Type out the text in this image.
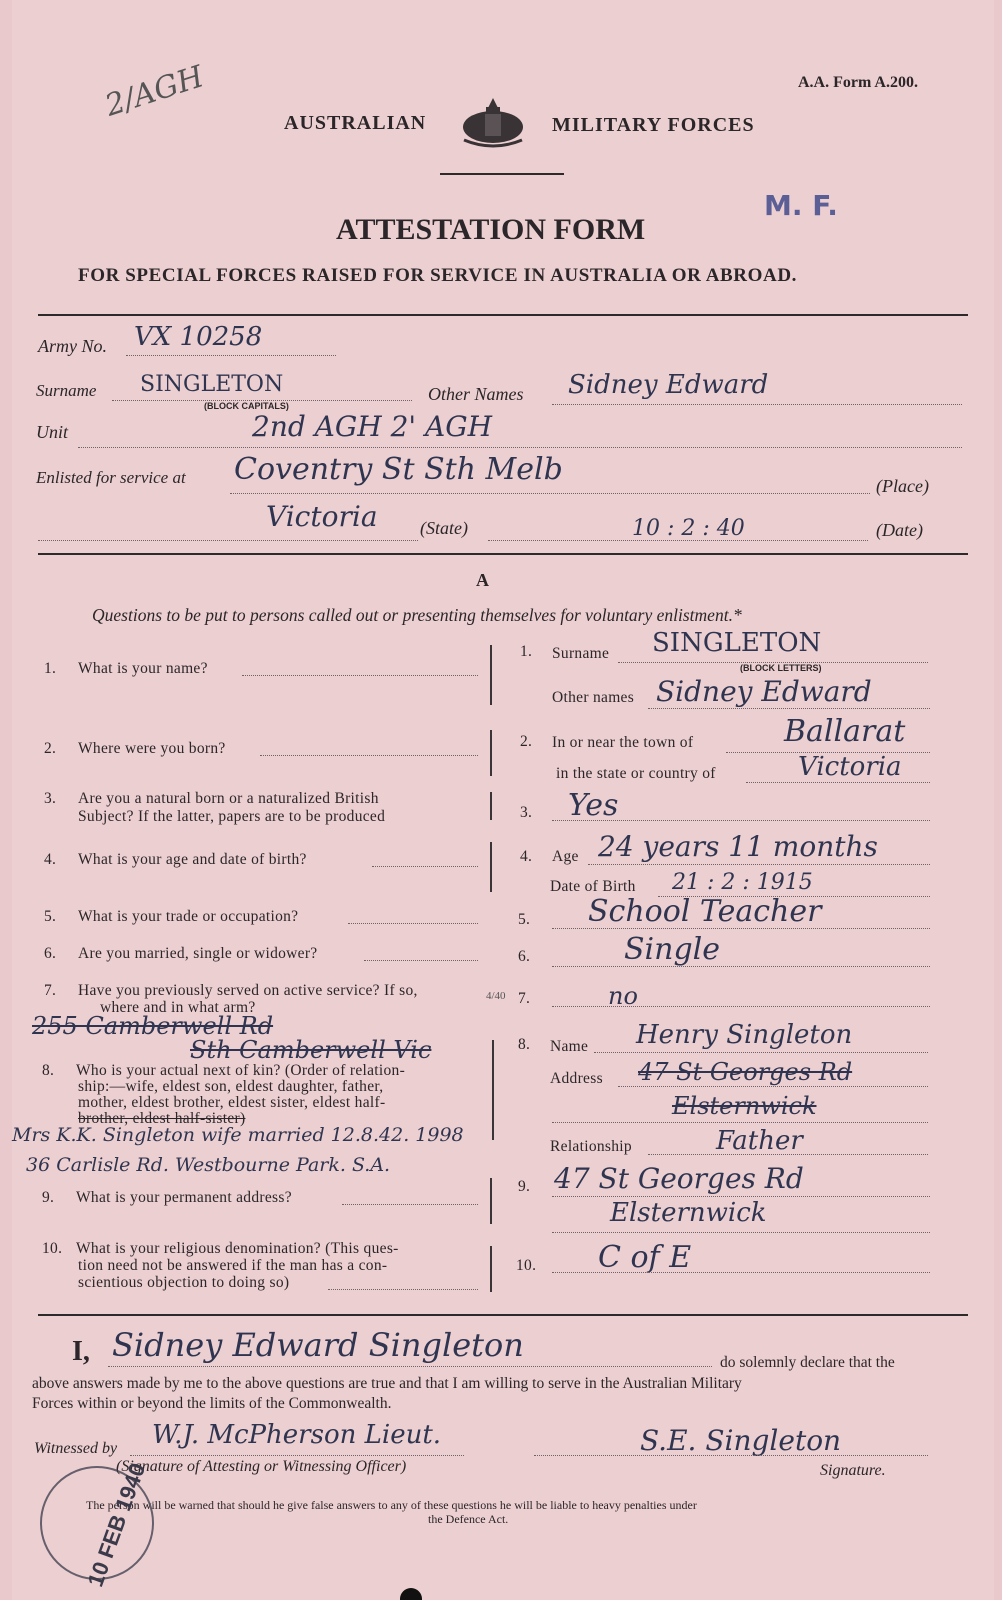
A.A. Form A.200.
2/AGH	AUSTRALIAN	MILITARY FORCES
M. F.
ATTESTATION FORM
FOR SPECIAL FORCES RAISED FOR SERVICE IN AUSTRALIA OR ABROAD.
Army No. VX 10258
Surname SINGLETON
(BLOCK CAPITALS)
Other Names Sidney Edward
Unit	2nd AGH 2' AGH
Enlisted for service at Coventry St Sth Melb	(Place)
Victoria (State)	10 : 2 : 40	(Date)
A
Questions to be put to persons called out or presenting themselves for voluntary enlistment.*
1. What is your name?
1. Surname SINGLETON
(BLOCK LETTERS)
Other names Sidney Edward
2. Where were you born?	2. In or near the town of	Ballarat
in the state or country of	Victoria
3. Are you a natural born or a naturalized British
Subject? If the latter, papers are to be produced	3. Yes
4. What is your age and date of birth?	4. Age 24 years 11 months
Date of Birth 21 : 2 : 1915
5. What is your trade or occupation?	5. School Teacher
6. Are you married, single or widower?	6.	Single
7. Have you previously served on active service? If so,
where and in what arm?
4/40 7.	no
255 Camberwell Rd
Sth Camberwell Vic
8. Who is your actual next of kin? (Order of relation-
ship:—wife, eldest son, eldest daughter, father,
mother, eldest brother, eldest sister, eldest half-
brother, eldest half-sister)
8. Name Henry Singleton
Address 47 St Georges Rd
Elsternwick
Relationship	Father
Mrs K.K. Singleton wife married 12.8.42. 1998
36 Carlisle Rd. Westbourne Park. S.A.
9. What is your permanent address?
9. 47 St Georges Rd
Elsternwick
10. What is your religious denomination? (This ques-
tion need not be answered if the man has a con-
scientious objection to doing so)
10. C of E
I, Sidney Edward Singleton	do solemnly declare that the
above answers made by me to the above questions are true and that I am willing to serve in the Australian Military
Forces within or beyond the limits of the Commonwealth.
Witnessed by W.J. McPherson Lieut.
(Signature of Attesting or Witnessing Officer)
S.E. Singleton
Signature.
The person will be warned that should he give false answers to any of these questions he will be liable to heavy penalties under
the Defence Act.
10 FEB 1940
